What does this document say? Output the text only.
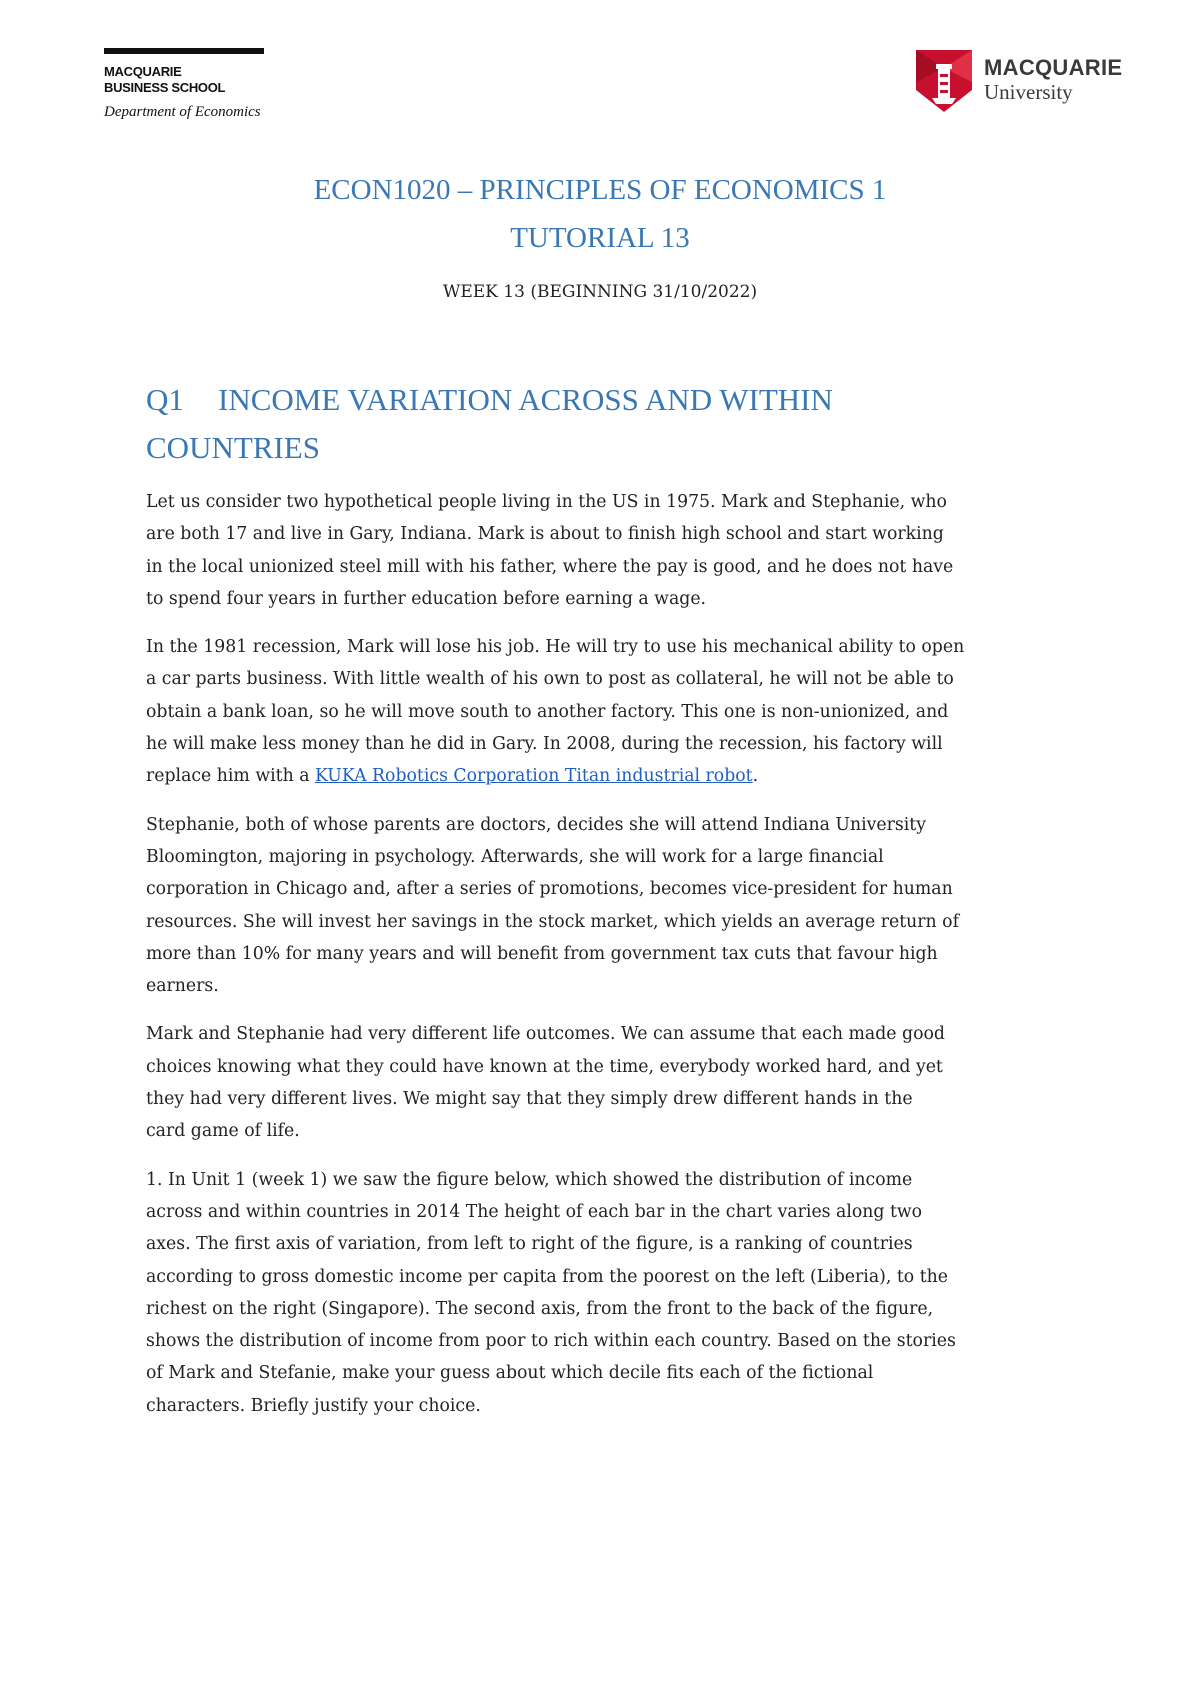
MACQUARIE
BUSINESS SCHOOL
Department of Economics
MACQUARIE
University
ECON1020 – PRINCIPLES OF ECONOMICS 1
TUTORIAL 13
WEEK 13 (BEGINNING 31/10/2022)
Q1 INCOME VARIATION ACROSS AND WITHIN
COUNTRIES

Let us consider two hypothetical people living in the US in 1975. Mark and Stephanie, who
are both 17 and live in Gary, Indiana. Mark is about to finish high school and start working
in the local unionized steel mill with his father, where the pay is good, and he does not have
to spend four years in further education before earning a wage.

In the 1981 recession, Mark will lose his job. He will try to use his mechanical ability to open
a car parts business. With little wealth of his own to post as collateral, he will not be able to
obtain a bank loan, so he will move south to another factory. This one is non-unionized, and
he will make less money than he did in Gary. In 2008, during the recession, his factory will
replace him with a KUKA Robotics Corporation Titan industrial robot.

Stephanie, both of whose parents are doctors, decides she will attend Indiana University
Bloomington, majoring in psychology. Afterwards, she will work for a large financial
corporation in Chicago and, after a series of promotions, becomes vice-president for human
resources. She will invest her savings in the stock market, which yields an average return of
more than 10% for many years and will benefit from government tax cuts that favour high
earners.

Mark and Stephanie had very different life outcomes. We can assume that each made good
choices knowing what they could have known at the time, everybody worked hard, and yet
they had very different lives. We might say that they simply drew different hands in the
card game of life.

1. In Unit 1 (week 1) we saw the figure below, which showed the distribution of income
across and within countries in 2014 The height of each bar in the chart varies along two
axes. The first axis of variation, from left to right of the figure, is a ranking of countries
according to gross domestic income per capita from the poorest on the left (Liberia), to the
richest on the right (Singapore). The second axis, from the front to the back of the figure,
shows the distribution of income from poor to rich within each country. Based on the stories
of Mark and Stefanie, make your guess about which decile fits each of the fictional
characters. Briefly justify your choice.
